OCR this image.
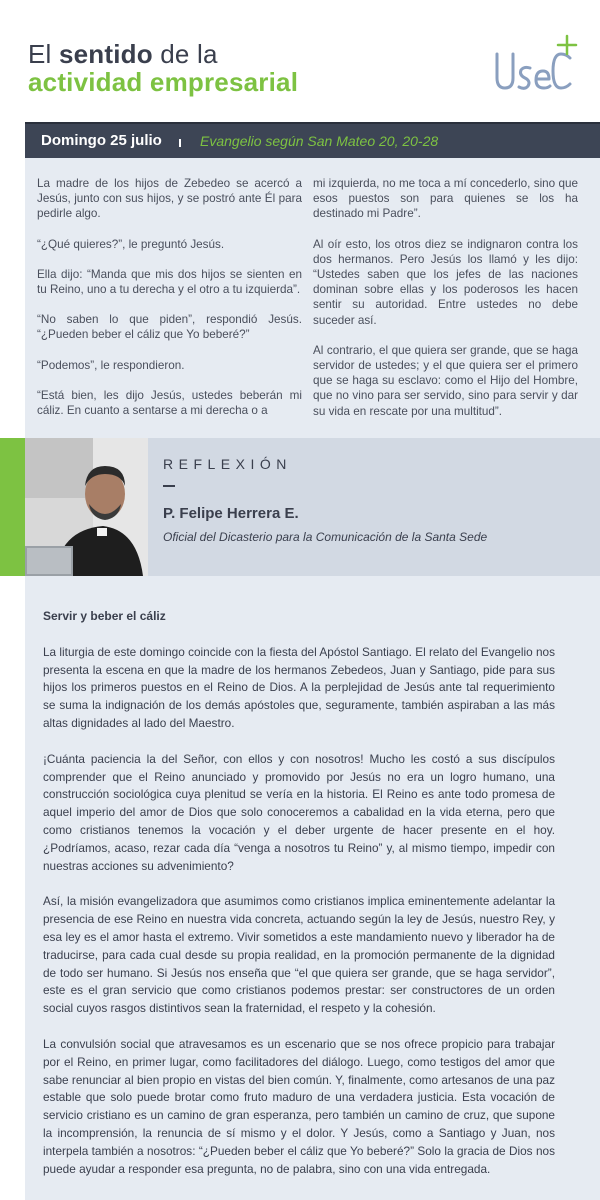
El sentido de la
actividad empresarial
Domingo 25 julio	Evangelio según San Mateo 20, 20-28

La madre de los hijos de Zebedeo se acercó a Jesús, junto con sus hijos, y se postró ante Él para pedirle algo.

“¿Qué quieres?”, le preguntó Jesús.

Ella dijo: “Manda que mis dos hijos se sienten en tu Reino, uno a tu derecha y el otro a tu izquierda”.

“No saben lo que piden”, respondió Jesús. “¿Pueden beber el cáliz que Yo beberé?”

“Podemos”, le respondieron.

“Está bien, les dijo Jesús, ustedes beberán mi cáliz. En cuanto a sentarse a mi derecha o a

mi izquierda, no me toca a mí concederlo, sino que esos puestos son para quienes se los ha destinado mi Padre”.

Al oír esto, los otros diez se indignaron contra los dos hermanos. Pero Jesús los llamó y les dijo: “Ustedes saben que los jefes de las naciones dominan sobre ellas y los poderosos les hacen sentir su autoridad. Entre ustedes no debe suceder así.

Al contrario, el que quiera ser grande, que se haga servidor de ustedes; y el que quiera ser el primero que se haga su esclavo: como el Hijo del Hombre, que no vino para ser servido, sino para servir y dar su vida en rescate por una multitud”.

REFLEXIÓN
P. Felipe Herrera E.
Oficial del Dicasterio para la Comunicación de la Santa Sede
Servir y beber el cáliz

La liturgia de este domingo coincide con la fiesta del Apóstol Santiago. El relato del Evangelio nos presenta la escena en que la madre de los hermanos Zebedeos, Juan y Santiago, pide para sus hijos los primeros puestos en el Reino de Dios. A la perplejidad de Jesús ante tal requerimiento se suma la indignación de los demás apóstoles que, seguramente, también aspiraban a las más altas dignidades al lado del Maestro.

¡Cuánta paciencia la del Señor, con ellos y con nosotros! Mucho les costó a sus discípulos comprender que el Reino anunciado y promovido por Jesús no era un logro humano, una construcción sociológica cuya plenitud se vería en la historia. El Reino es ante todo promesa de aquel imperio del amor de Dios que solo conoceremos a cabalidad en la vida eterna, pero que como cristianos tenemos la vocación y el deber urgente de hacer presente en el hoy. ¿Podríamos, acaso, rezar cada día “venga a nosotros tu Reino” y, al mismo tiempo, impedir con nuestras acciones su advenimiento?

Así, la misión evangelizadora que asumimos como cristianos implica eminentemente adelantar la presencia de ese Reino en nuestra vida concreta, actuando según la ley de Jesús, nuestro Rey, y esa ley es el amor hasta el extremo. Vivir sometidos a este mandamiento nuevo y liberador ha de traducirse, para cada cual desde su propia realidad, en la promoción permanente de la dignidad de todo ser humano. Si Jesús nos enseña que “el que quiera ser grande, que se haga servidor”, este es el gran servicio que como cristianos podemos prestar: ser constructores de un orden social cuyos rasgos distintivos sean la fraternidad, el respeto y la cohesión.

La convulsión social que atravesamos es un escenario que se nos ofrece propicio para trabajar por el Reino, en primer lugar, como facilitadores del diálogo. Luego, como testigos del amor que sabe renunciar al bien propio en vistas del bien común. Y, finalmente, como artesanos de una paz estable que solo puede brotar como fruto maduro de una verdadera justicia. Esta vocación de servicio cristiano es un camino de gran esperanza, pero también un camino de cruz, que supone la incomprensión, la renuncia de sí mismo y el dolor. Y Jesús, como a Santiago y Juan, nos interpela también a nosotros: “¿Pueden beber el cáliz que Yo beberé?” Solo la gracia de Dios nos puede ayudar a responder esa pregunta, no de palabra, sino con una vida entregada.
